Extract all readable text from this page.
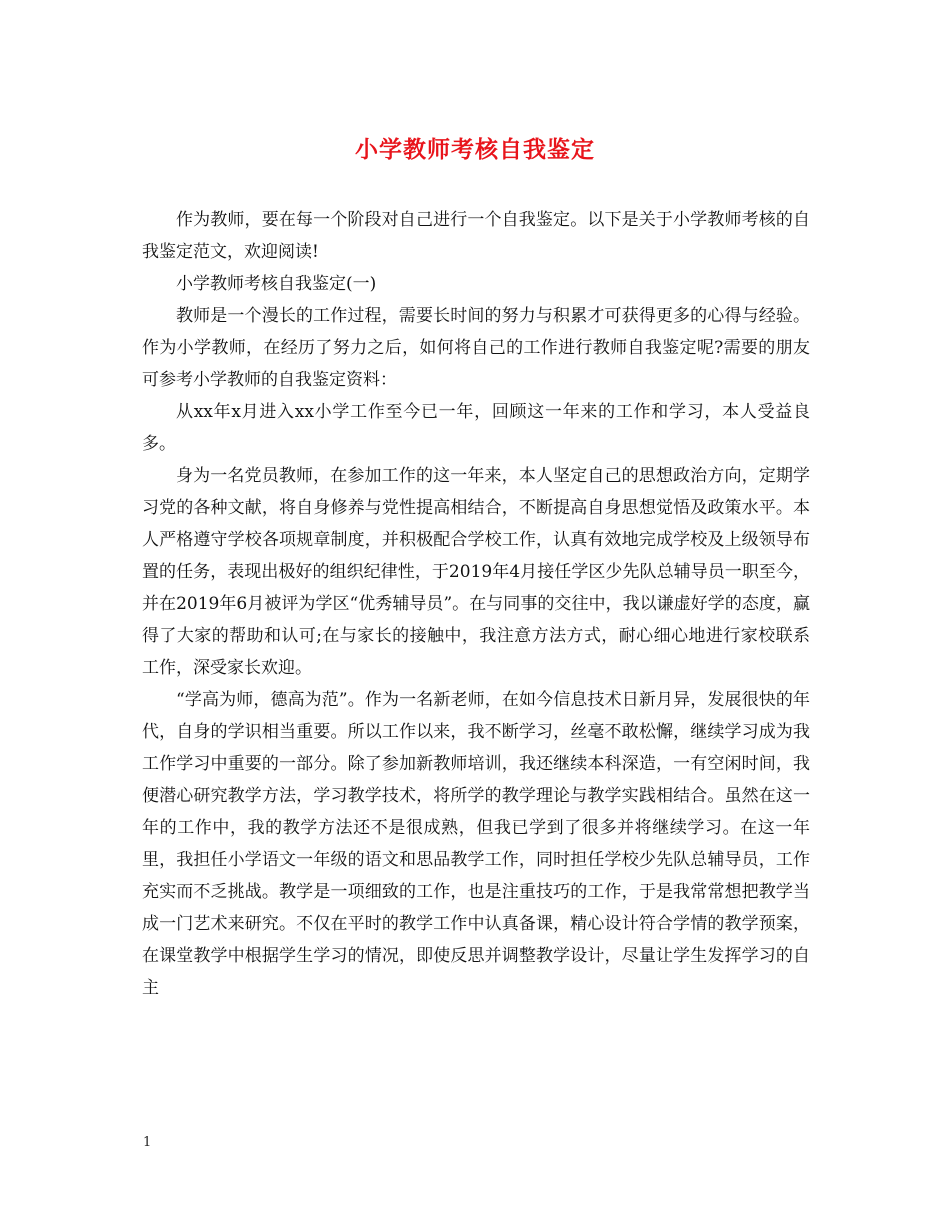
小学教师考核自我鉴定

作为教师，要在每一个阶段对自己进行一个自我鉴定。以下是关于小学教师考核的自我鉴定范文，欢迎阅读!

小学教师考核自我鉴定(一)

教师是一个漫长的工作过程，需要长时间的努力与积累才可获得更多的心得与经验。作为小学教师，在经历了努力之后，如何将自己的工作进行教师自我鉴定呢?需要的朋友可参考小学教师的自我鉴定资料：

从xx年x月进入xx小学工作至今已一年，回顾这一年来的工作和学习，本人受益良多。

身为一名党员教师，在参加工作的这一年来，本人坚定自己的思想政治方向，定期学习党的各种文献，将自身修养与党性提高相结合，不断提高自身思想觉悟及政策水平。本人严格遵守学校各项规章制度，并积极配合学校工作，认真有效地完成学校及上级领导布置的任务，表现出极好的组织纪律性，于2019年4月接任学区少先队总辅导员一职至今，并在2019年6月被评为学区“优秀辅导员”。在与同事的交往中，我以谦虚好学的态度，赢得了大家的帮助和认可;在与家长的接触中，我注意方法方式，耐心细心地进行家校联系工作，深受家长欢迎。

“学高为师，德高为范”。作为一名新老师，在如今信息技术日新月异，发展很快的年代，自身的学识相当重要。所以工作以来，我不断学习，丝毫不敢松懈，继续学习成为我工作学习中重要的一部分。除了参加新教师培训，我还继续本科深造，一有空闲时间，我便潜心研究教学方法，学习教学技术，将所学的教学理论与教学实践相结合。虽然在这一年的工作中，我的教学方法还不是很成熟，但我已学到了很多并将继续学习。在这一年里，我担任小学语文一年级的语文和思品教学工作，同时担任学校少先队总辅导员，工作充实而不乏挑战。教学是一项细致的工作，也是注重技巧的工作，于是我常常想把教学当成一门艺术来研究。不仅在平时的教学工作中认真备课，精心设计符合学情的教学预案，在课堂教学中根据学生学习的情况，即使反思并调整教学设计，尽量让学生发挥学习的自主

1
